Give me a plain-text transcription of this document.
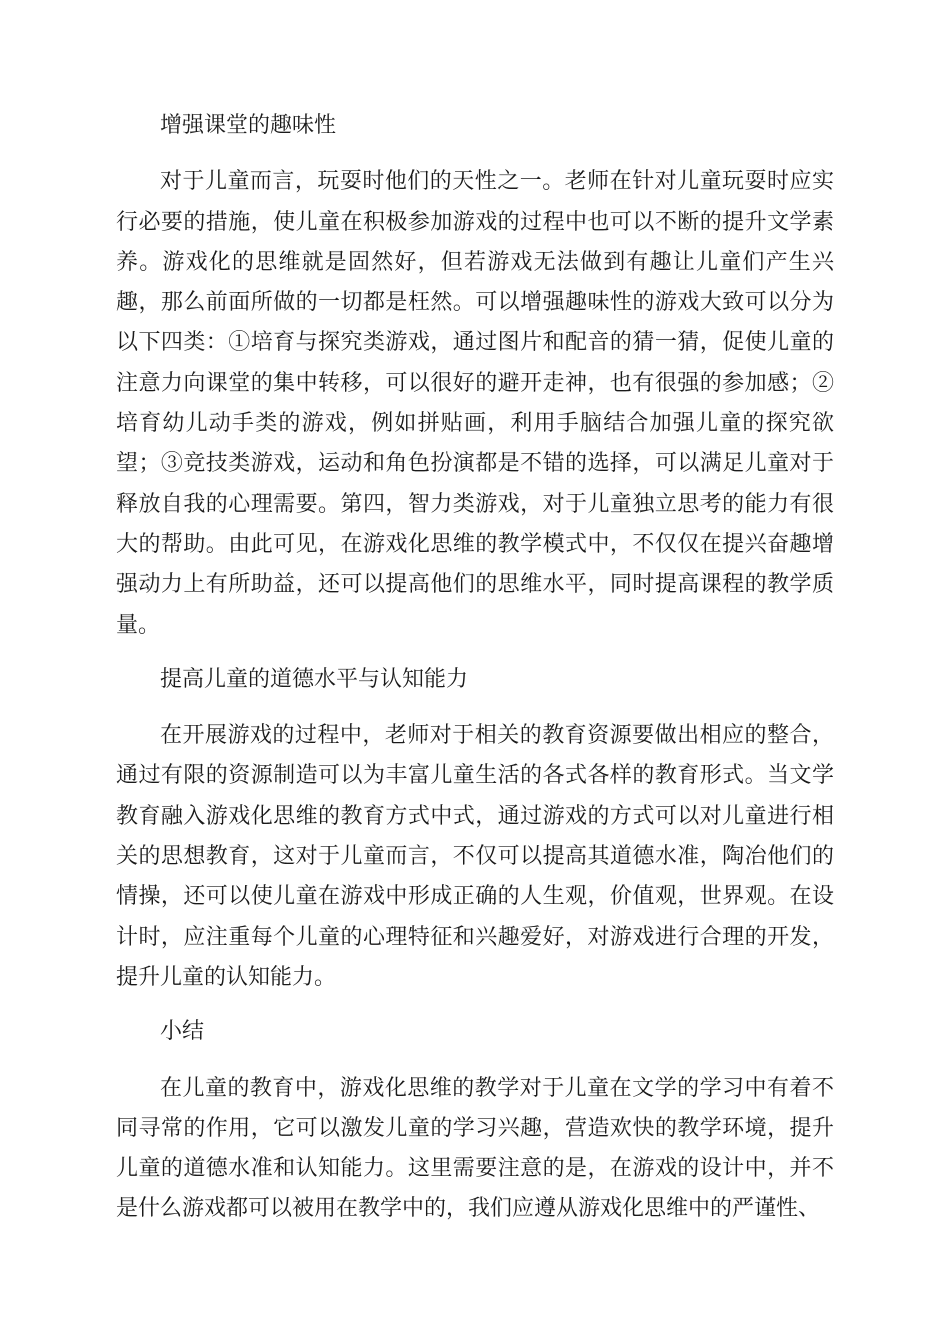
增强课堂的趣味性

对于儿童而言，玩耍时他们的天性之一。老师在针对儿童玩耍时应实行必要的措施，使儿童在积极参加游戏的过程中也可以不断的提升文学素养。游戏化的思维就是固然好，但若游戏无法做到有趣让儿童们产生兴趣，那么前面所做的一切都是枉然。可以增强趣味性的游戏大致可以分为以下四类：①培育与探究类游戏，通过图片和配音的猜一猜，促使儿童的注意力向课堂的集中转移，可以很好的避开走神，也有很强的参加感；②培育幼儿动手类的游戏，例如拼贴画，利用手脑结合加强儿童的探究欲望；③竞技类游戏，运动和角色扮演都是不错的选择，可以满足儿童对于释放自我的心理需要。第四，智力类游戏，对于儿童独立思考的能力有很大的帮助。由此可见，在游戏化思维的教学模式中，不仅仅在提兴奋趣增强动力上有所助益，还可以提高他们的思维水平，同时提高课程的教学质量。

提高儿童的道德水平与认知能力

在开展游戏的过程中，老师对于相关的教育资源要做出相应的整合，通过有限的资源制造可以为丰富儿童生活的各式各样的教育形式。当文学教育融入游戏化思维的教育方式中式，通过游戏的方式可以对儿童进行相关的思想教育，这对于儿童而言，不仅可以提高其道德水准，陶冶他们的情操，还可以使儿童在游戏中形成正确的人生观，价值观，世界观。在设计时，应注重每个儿童的心理特征和兴趣爱好，对游戏进行合理的开发，提升儿童的认知能力。

小结

在儿童的教育中，游戏化思维的教学对于儿童在文学的学习中有着不同寻常的作用，它可以激发儿童的学习兴趣，营造欢快的教学环境，提升儿童的道德水准和认知能力。这里需要注意的是，在游戏的设计中，并不是什么游戏都可以被用在教学中的，我们应遵从游戏化思维中的严谨性、
